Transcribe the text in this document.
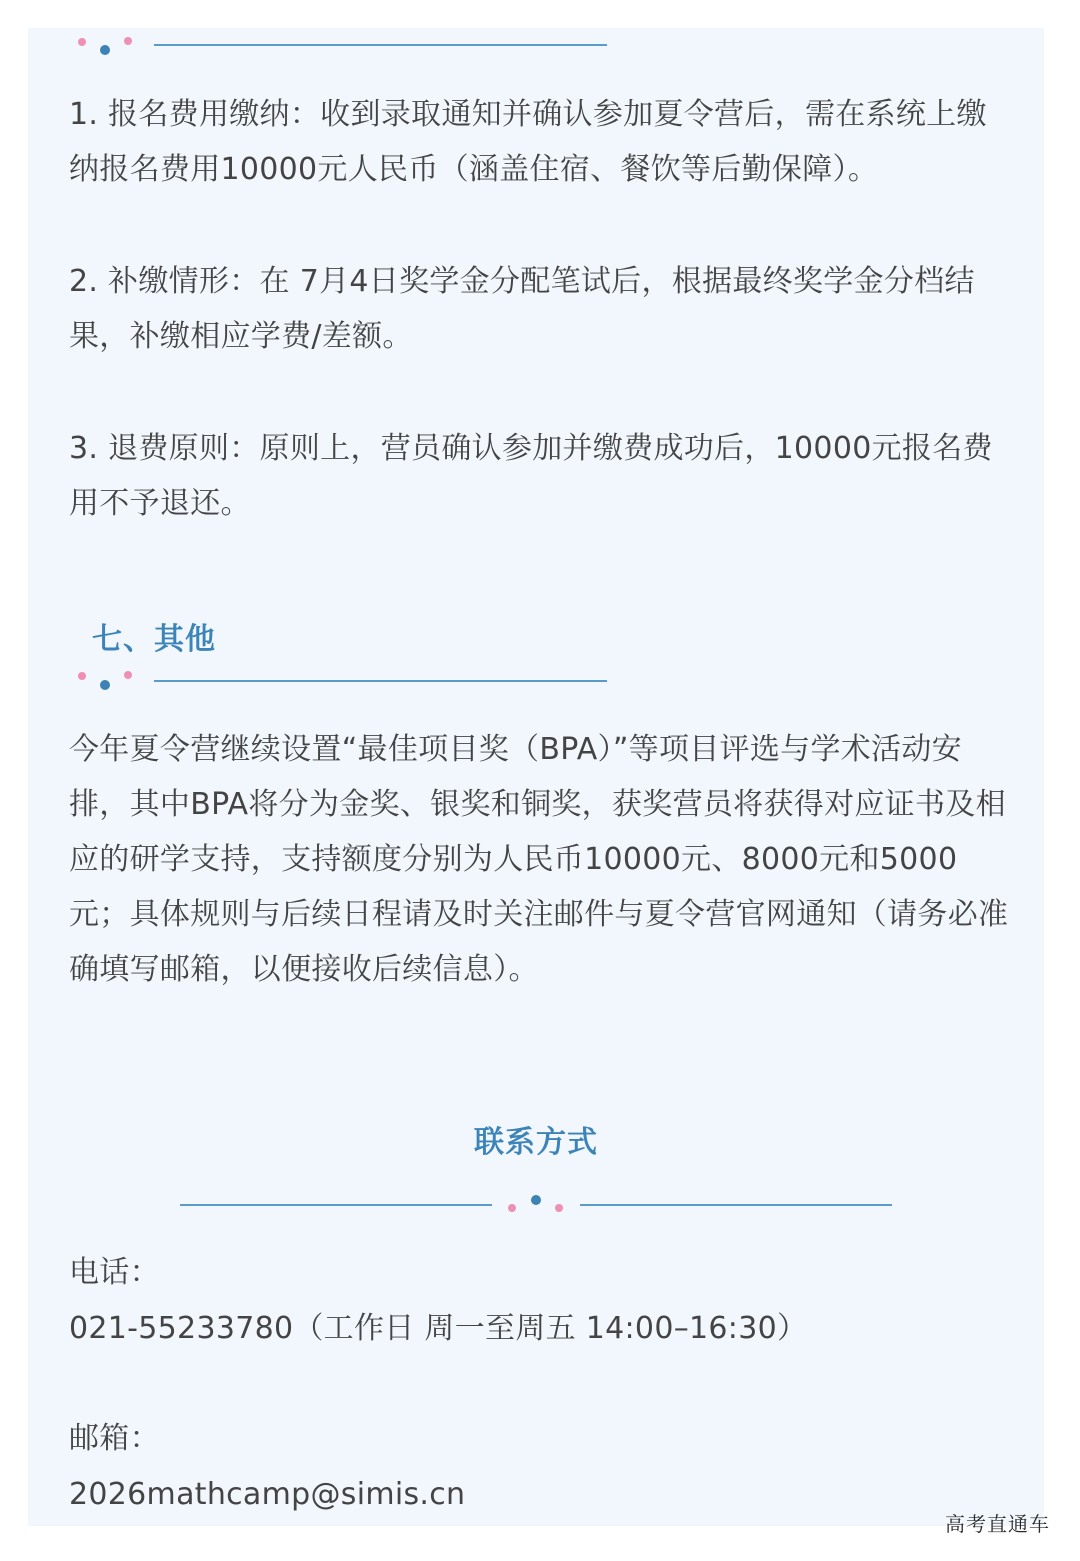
1. 报名费用缴纳：收到录取通知并确认参加夏令营后，需在系统上缴纳报名费用10000元人民币（涵盖住宿、餐饮等后勤保障）。

2. 补缴情形：在 7月4日奖学金分配笔试后，根据最终奖学金分档结果，补缴相应学费/差额。

3. 退费原则：原则上，营员确认参加并缴费成功后，10000元报名费用不予退还。

七、其他

今年夏令营继续设置“最佳项目奖（BPA）”等项目评选与学术活动安排，其中BPA将分为金奖、银奖和铜奖，获奖营员将获得对应证书及相应的研学支持，支持额度分别为人民币10000元、8000元和5000元；具体规则与后续日程请及时关注邮件与夏令营官网通知（请务必准确填写邮箱，以便接收后续信息）。

联系方式

电话：

021-55233780（工作日 周一至周五 14:00–16:30）

邮箱：

2026mathcamp@simis.cn

高考直通车
